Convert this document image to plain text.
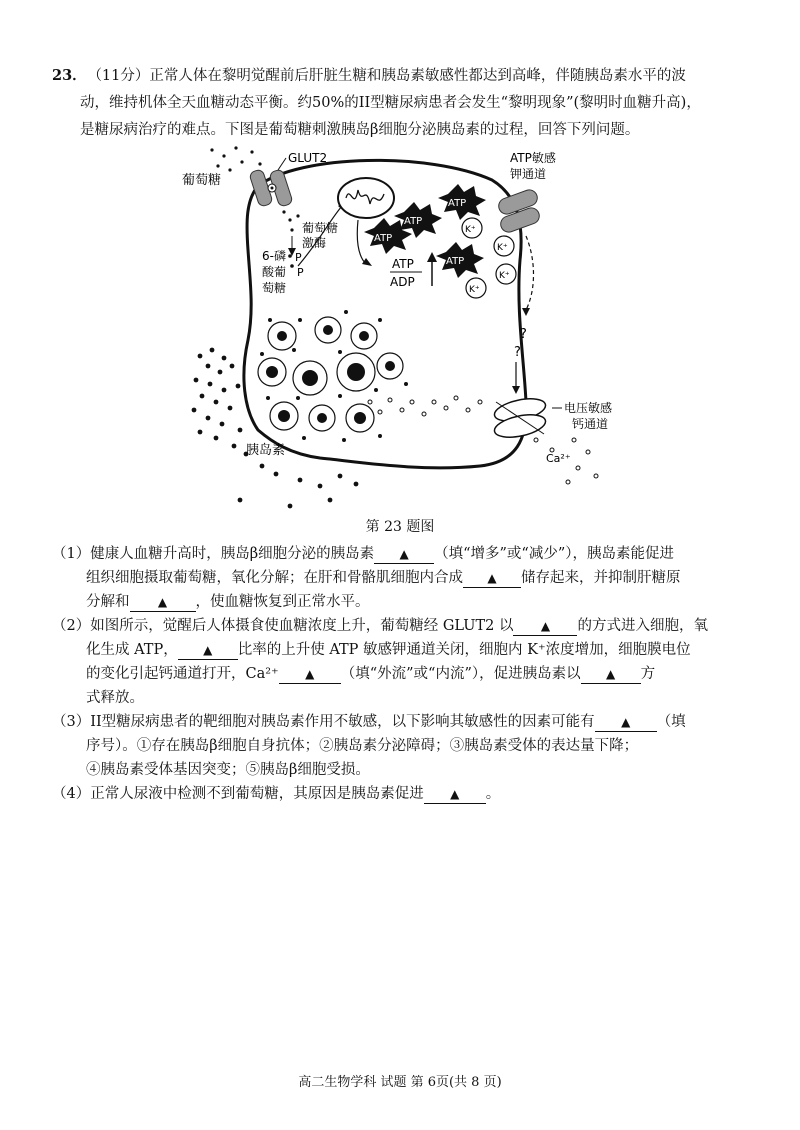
23． （11分）正常人体在黎明觉醒前后肝脏生糖和胰岛素敏感性都达到高峰，伴随胰岛素水平的波
动，维持机体全天血糖动态平衡。约50%的II型糖尿病患者会发生“黎明现象”(黎明时血糖升高)，
是糖尿病治疗的难点。下图是葡萄糖刺激胰岛β细胞分泌胰岛素的过程，回答下列问题。
葡萄糖
GLUT2
葡萄糖
激酶
6-磷
酸葡
萄糖
P
P
ATP
ADP
ATP
ATP
ATP
ATP
K⁺
K⁺
K⁺
K⁺
ATP敏感
钾通道
?
?
电压敏感
钙通道
Ca²⁺
胰岛素
第 23 题图
（1）健康人血糖升高时，胰岛β细胞分泌的胰岛素 ▲ （填“增多”或“减少”），胰岛素能促进
组织细胞摄取葡萄糖，氧化分解；在肝和骨骼肌细胞内合成 ▲ 储存起来，并抑制肝糖原
分解和 ▲ ，使血糖恢复到正常水平。
（2）如图所示，觉醒后人体摄食使血糖浓度上升，葡萄糖经 GLUT2 以 ▲ 的方式进入细胞，氧
化生成 ATP， ▲ 比率的上升使 ATP 敏感钾通道关闭，细胞内 K⁺浓度增加，细胞膜电位
的变化引起钙通道打开，Ca²⁺ ▲ （填“外流”或“内流”），促进胰岛素以 ▲ 方
式释放。
（3）II型糖尿病患者的靶细胞对胰岛素作用不敏感，以下影响其敏感性的因素可能有 ▲ （填
序号）。①存在胰岛β细胞自身抗体；②胰岛素分泌障碍；③胰岛素受体的表达量下降；
④胰岛素受体基因突变；⑤胰岛β细胞受损。
（4）正常人尿液中检测不到葡萄糖，其原因是胰岛素促进 ▲ 。
高二生物学科 试题 第 6页(共 8 页)
